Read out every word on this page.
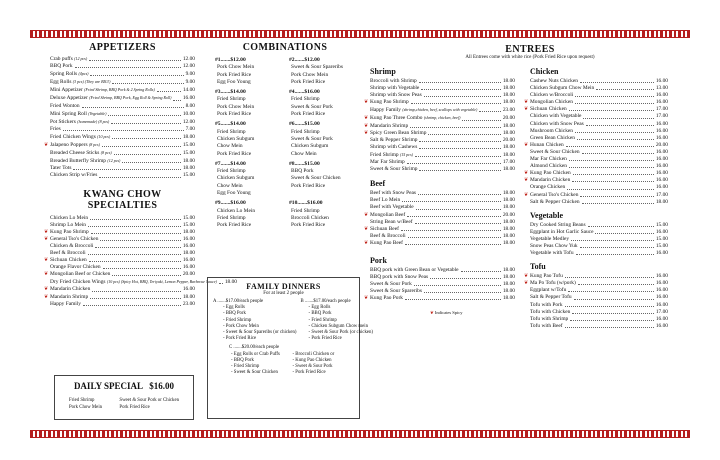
APPETIZERS
Crab puffs (12 pcs)	12.00
BBQ Pork	12.00
Spring Rolls (4pcs)	9.00
Egg Rolls (3 pcs) (They are BIG!)	9.00
Mini Appetizer (Fried Shrimp, BBQ Pork & 2 Spring Rolls)	14.00
Deluxe Appetizer (Fried Shrimp, BBQ Pork, Egg Roll & Spring Roll) 16.00
Fried Wonton	8.00
Mini Spring Roll (Vegetable)	10.00
Pot Stickers (homemade) (8 pcs)	12.00
Fries	7.00
Fried Chicken Wings (10 pcs)	18.00
❦ Jalapeno Poppers (8 pcs)	15.00
Breaded Cheese Sticks (8 pcs)	15.00
Breaded Butterfly Shrimp (12 pcs)	18.00
Tater Tots	18.00
Chicken Strip w/Fries	15.00
KWANG CHOW SPECIALTIES
Chicken Lo Mein	15.00
Shrimp Lo Mein	15.00
❦ Kung Pao Shrimp	18.00
❦ General Tso's Chicken	16.00
Chicken & Broccoli	16.00
Beef & Broccoli	18.00
❦ Sichuan Chicken	16.00
Orange Flavor Chicken	16.00
❦ Mongolian Beef or Chicken	20.00
Dry Fried Chicken Wings (10 pcs) (Spicy Hot, BBQ, Teriyaki, Lemon Pepper, Barbecue Sauce) 18.00
❦ Mandarin Chicken	16.00
❦ Mandarin Shrimp	18.00
Happy Family	23.00
DAILY SPECIAL $16.00
Fried Shrimp	Sweet & Sour Pork or Chicken
Pork Chow Mein	Pork Fried Rice
COMBINATIONS
#1.......$12.00
Pork Chow Mein
Pork Fried Rice
Egg Foo Young
#2.......$12.00
Sweet & Sour Spareribs
Pork Chow Mein
Pork Fried Rice
#3.......$14.00
Fried Shrimp
Pork Chow Mein
Pork Fried Rice
#4.......$16.00
Fried Shrimp
Sweet & Sour Pork
Pork Fried Rice
#5.......$14.00
Fried Shrimp
Chicken Subgum
Chow Mein
Pork Fried Rice
#6.......$15.00
Fried Shrimp
Sweet & Sour Pork
Chicken Subgum
Chow Mein
#7.......$14.00
Fried Shrimp
Chicken Subgum
Chow Mein
Egg Foo Young
#8.......$15.00
BBQ Pork
Sweet & Sour Chicken
Pork Fried Rice
#9.......$16.00
Chicken Lo Mein
Fried Shrimp
Pork Fried Rice
#10.......$16.00
Fried Shrimp
Broccoli Chicken
Pork Fried Rice
FAMILY DINNERS
For at least 2 people
A .......$17.00/each people
- Egg Rolls
- BBQ Pork
- Fried Shrimp
- Pork Chow Mein
- Sweet & Sour Spareribs (or chicken)
- Pork Fried Rice
B .......$17.00/each people
- Egg Rolls
- BBQ Pork
- Fried Shrimp
- Chicken Subgum Chow mein
- Sweet & Sour Pork (or chicken)
- Pork Fried Rice
C .......$20.00/each people
- Egg Rolls or Crab Puffs
- BBQ Pork
- Fried Shrimp
- Sweet & Sour Chicken
- Broccoli Chicken or
- Kung Pao Chicken
- Sweet & Sour Pork
- Pork Fried Rice
ENTREES
All Entrees come with white rice (Pork Fried Rice upon request)
Shrimp
Broccoli with Shrimp	18.00
Shrimp with Vegetable	18.00
Shrimp with Snow Peas	18.00
❦ Kung Pao Shrimp	18.00
Happy Family (shrimp,chicken, beef, scallops with vegetable)	23.00
❦ Kung Pao Three Combo (shrimp, chicken, beef)	20.00
❦ Mandarin Shrimp	18.00
❦ Spicy Green Bean Shrimp	18.00
Salt & Pepper Shrimp	20.00
Shrimp with Cashews	18.00
Fried Shrimp (15 pcs)	18.00
Mar Far Shrimp	17.00
Sweet & Sour Shrimp	18.00
Beef
Beef with Snow Peas	18.00
Beef Lo Mein	18.00
Beef with Vegetable	18.00
❦ Mongolian Beef	20.00
String Bean w/Beef	18.00
❦ Sichuan Beef	18.00
Beef & Broccoli	18.00
❦ Kung Pao Beef	18.00
Pork
BBQ pork with Green Bean or Vegetable	18.00
BBQ pork with Snow Peas	18.00
Sweet & Sour Pork	18.00
Sweet & Sour Spareribs	18.00
❦ Kung Pao Pork	18.00
❦ Indicates Spicy
Chicken
Cashew Nuts Chicken	16.00
Chicken Subgum Chow Mein	13.00
Chicken w/Broccoli	16.00
❦ Mongolian Chicken	16.00
❦ Sichuan Chicken	17.00
Chicken with Vegetable	17.00
Chicken with Snow Peas	16.00
Mushroom Chicken	16.00
Green Bean Chicken	16.00
❦ Hunan Chicken	20.00
Sweet & Sour Chicken	16.00
Mar Far Chicken	16.00
Almond Chicken	16.00
❦ Kung Pao Chicken	16.00
❦ Mandarin Chicken	16.00
Orange Chicken	16.00
❦ General Tso's Chicken	17.00
Salt & Pepper Chicken	18.00
Vegetable
Dry Cooked String Beans	15.00
Eggplant in Hot Garlic Sauce	16.00
Vegetable Medley	15.00
Snow Peas Chow Yuk	15.00
Vegetable with Tofu	16.00
Tofu
❦ Kung Pao Tofu	16.00
❦ Ma Po Tofu (w/pork)	16.00
Eggplant w/Tofu	16.00
Salt & Pepper Tofu	16.00
Tofu with Pork	16.00
Tofu with Chicken	17.00
Tofu with Shrimp	16.00
Tofu with Beef	16.00
